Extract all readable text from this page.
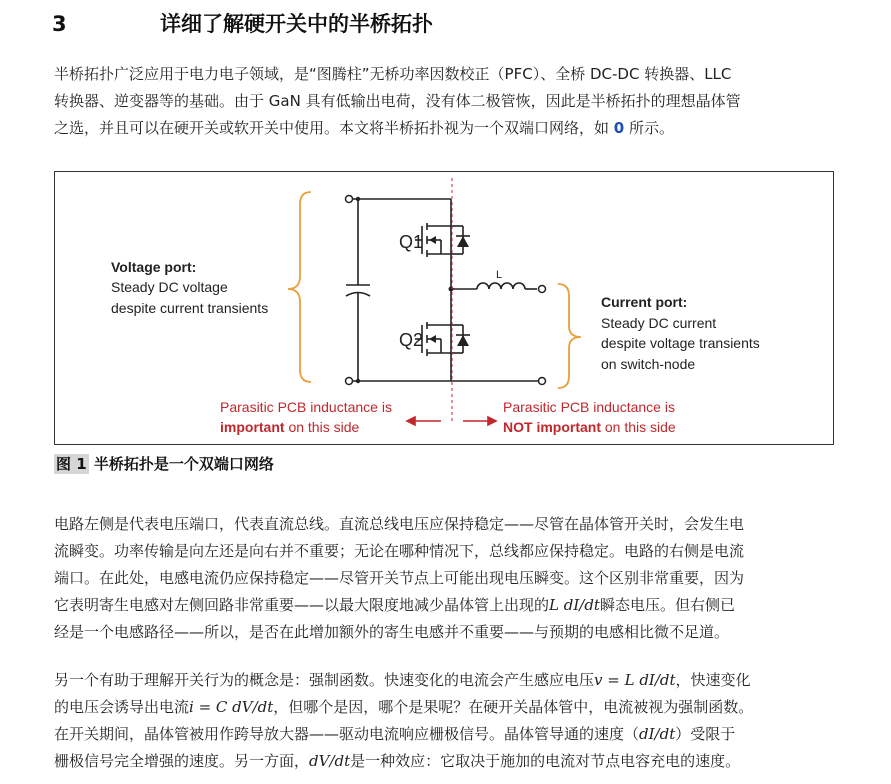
3	详细了解硬开关中的半桥拓扑

半桥拓扑广泛应用于电力电子领域，是“图腾柱”无桥功率因数校正（PFC）、全桥 DC-DC 转换器、LLC

转换器、逆变器等的基础。由于 GaN 具有低输出电荷，没有体二极管恢，因此是半桥拓扑的理想晶体管

之选，并且可以在硬开关或软开关中使用。本文将半桥拓扑视为一个双端口网络，如 0 所示。

Q1
Q2
L
Voltage port:
Steady DC voltage
despite current transients	Current port:
Steady DC current
despite voltage transients
on switch-node
Parasitic PCB inductance is
important on this side
Parasitic PCB inductance is
NOT important on this side
图 1 半桥拓扑是一个双端口网络

电路左侧是代表电压端口，代表直流总线。直流总线电压应保持稳定——尽管在晶体管开关时，会发生电

流瞬变。功率传输是向左还是向右并不重要；无论在哪种情况下，总线都应保持稳定。电路的右侧是电流

端口。在此处，电感电流仍应保持稳定——尽管开关节点上可能出现电压瞬变。这个区别非常重要，因为

它表明寄生电感对左侧回路非常重要——以最大限度地减少晶体管上出现的L dI/dt瞬态电压。但右侧已

经是一个电感路径——所以，是否在此增加额外的寄生电感并不重要——与预期的电感相比微不足道。

另一个有助于理解开关行为的概念是：强制函数。快速变化的电流会产生感应电压v = L dI/dt，快速变化

的电压会诱导出电流i = C dV/dt，但哪个是因，哪个是果呢？在硬开关晶体管中，电流被视为强制函数。

在开关期间，晶体管被用作跨导放大器——驱动电流响应栅极信号。晶体管导通的速度（dI/dt）受限于

栅极信号完全增强的速度。另一方面，dV/dt是一种效应：它取决于施加的电流对节点电容充电的速度。
